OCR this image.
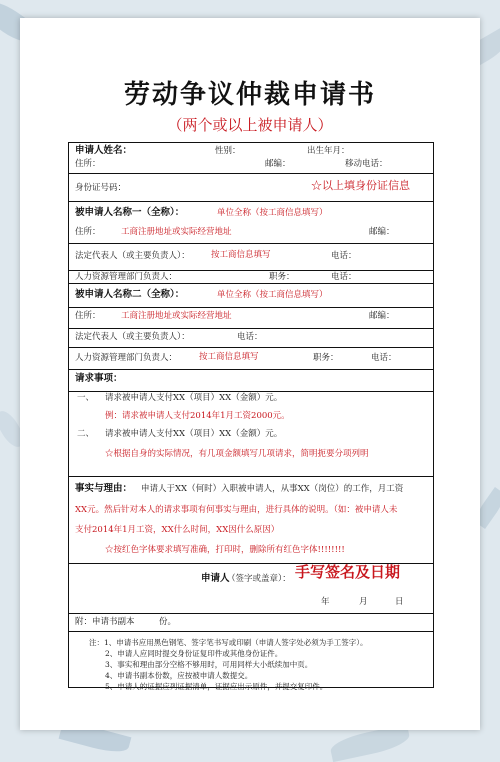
劳动争议仲裁申请书
（两个或以上被申请人）
申请人姓名：	性别：	出生年月：
住所：	邮编：	移动电话：
身份证号码：	☆以上填身份证信息
被申请人名称一（全称）：	单位全称（按工商信息填写）
住所： 工商注册地址或实际经营地址	邮编：
法定代表人（或主要负责人）： 按工商信息填写	电话：
人力资源管理部门负责人：	职务：	电话：
被申请人名称二（全称）：	单位全称（按工商信息填写）
住所： 工商注册地址或实际经营地址	邮编：
法定代表人（或主要负责人）：	电话：
人力资源管理部门负责人：	按工商信息填写	职务：	电话：
请求事项：
一、 请求被申请人支付XX（项目）XX（金额）元。
例：请求被申请人支付2014年1月工资2000元。
二、 请求被申请人支付XX（项目）XX（金额）元。
☆根据自身的实际情况，有几项金额填写几项请求，简明扼要分项列明
事实与理由： 申请人于XX（何时）入职被申请人，从事XX（岗位）的工作，月工资
XX元。然后针对本人的请求事项有何事实与理由，进行具体的说明。（如：被申请人未
支付2014年1月工资，XX什么时间，XX因什么原因）
☆按红色字体要求填写准确，打印时，删除所有红色字体!!!!!!!!
申请人
（签字或盖章）： 手写签名及日期
年	月	日
附：申请书副本	份。
注：1、申请书应用黑色钢笔、签字笔书写或印刷（申请人签字处必须为手工签字）。
2、申请人应同时提交身份证复印件或其他身份证件。
3、事实和理由部分空格不够用时，可用同样大小纸续加中页。
4、申请书副本份数，应按被申请人数提交。
5、申请人的证据应列证据清单，证据应出示原件，并提交复印件。
